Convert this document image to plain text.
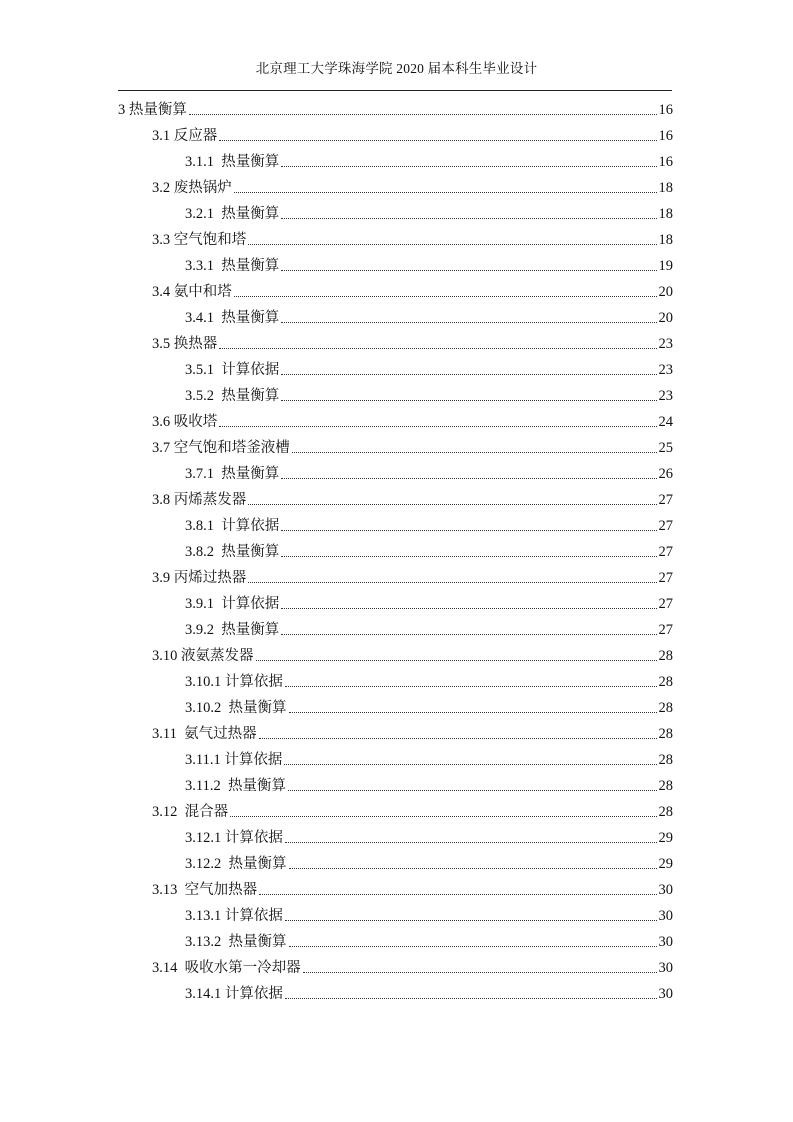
北京理工大学珠海学院 2020 届本科生毕业设计
3 热量衡算	16
3.1 反应器	16
3.1.1  热量衡算	16
3.2 废热锅炉	18
3.2.1  热量衡算	18
3.3 空气饱和塔	18
3.3.1  热量衡算	19
3.4 氨中和塔	20
3.4.1  热量衡算	20
3.5 换热器	23
3.5.1  计算依据	23
3.5.2  热量衡算	23
3.6 吸收塔	24
3.7 空气饱和塔釜液槽	25
3.7.1  热量衡算	26
3.8 丙烯蒸发器	27
3.8.1  计算依据	27
3.8.2  热量衡算	27
3.9 丙烯过热器	27
3.9.1  计算依据	27
3.9.2  热量衡算	27
3.10 液氨蒸发器	28
3.10.1 计算依据	28
3.10.2  热量衡算	28
3.11  氨气过热器	28
3.11.1 计算依据	28
3.11.2  热量衡算	28
3.12  混合器	28
3.12.1 计算依据	29
3.12.2  热量衡算	29
3.13  空气加热器	30
3.13.1 计算依据	30
3.13.2  热量衡算	30
3.14  吸收水第一冷却器	30
3.14.1 计算依据	30
